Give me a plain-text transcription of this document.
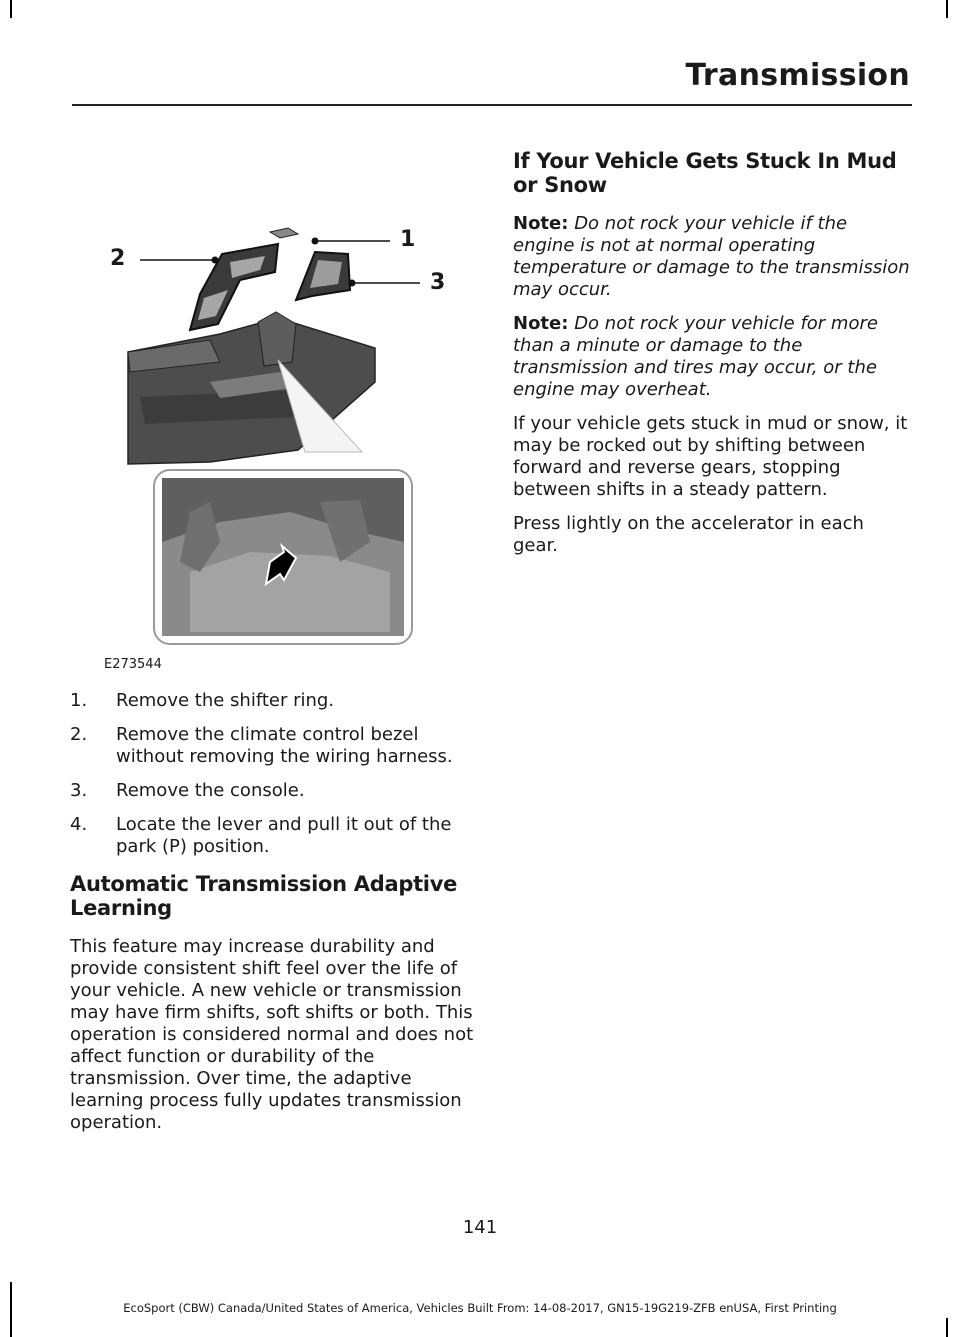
Transmission
1
2
3
E273544
1. Remove the shifter ring.
2. Remove the climate control bezel without removing the wiring harness.
3. Remove the console.
4. Locate the lever and pull it out of the park (P) position.
Automatic Transmission Adaptive Learning

This feature may increase durability and provide consistent shift feel over the life of your vehicle. A new vehicle or transmission may have firm shifts, soft shifts or both. This operation is considered normal and does not affect function or durability of the transmission. Over time, the adaptive learning process fully updates transmission operation.

If Your Vehicle Gets Stuck In Mud or Snow

Note: Do not rock your vehicle if the engine is not at normal operating temperature or damage to the transmission may occur.

Note: Do not rock your vehicle for more than a minute or damage to the transmission and tires may occur, or the engine may overheat.

If your vehicle gets stuck in mud or snow, it may be rocked out by shifting between forward and reverse gears, stopping between shifts in a steady pattern.

Press lightly on the accelerator in each gear.

141
EcoSport (CBW) Canada/United States of America, Vehicles Built From: 14-08-2017, GN15-19G219-ZFB enUSA, First Printing
